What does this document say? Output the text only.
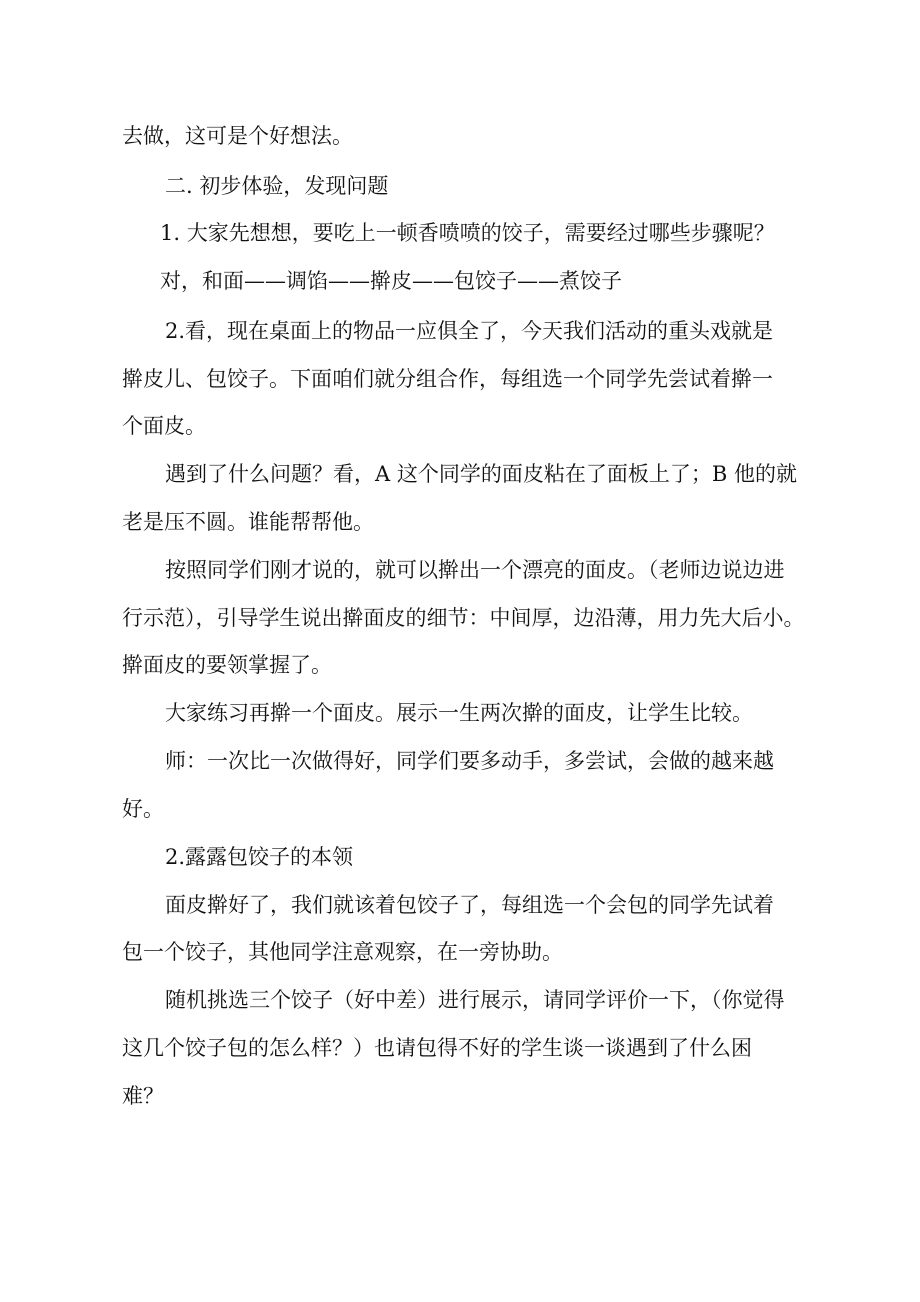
去做，这可是个好想法。
二. 初步体验，发现问题
1. 大家先想想，要吃上一顿香喷喷的饺子，需要经过哪些步骤呢？
对，和面——调馅——擀皮——包饺子——煮饺子
2.看，现在桌面上的物品一应俱全了，今天我们活动的重头戏就是
擀皮儿、包饺子。下面咱们就分组合作，每组选一个同学先尝试着擀一
个面皮。
遇到了什么问题？看，A 这个同学的面皮粘在了面板上了；B 他的就
老是压不圆。谁能帮帮他。
按照同学们刚才说的，就可以擀出一个漂亮的面皮。（老师边说边进
行示范），引导学生说出擀面皮的细节：中间厚，边沿薄，用力先大后小。
擀面皮的要领掌握了。
大家练习再擀一个面皮。展示一生两次擀的面皮，让学生比较。
师：一次比一次做得好，同学们要多动手，多尝试，会做的越来越
好。
2.露露包饺子的本领
面皮擀好了，我们就该着包饺子了，每组选一个会包的同学先试着
包一个饺子，其他同学注意观察，在一旁协助。
随机挑选三个饺子（好中差）进行展示，请同学评价一下，（你觉得
这几个饺子包的怎么样？）也请包得不好的学生谈一谈遇到了什么困
难？
